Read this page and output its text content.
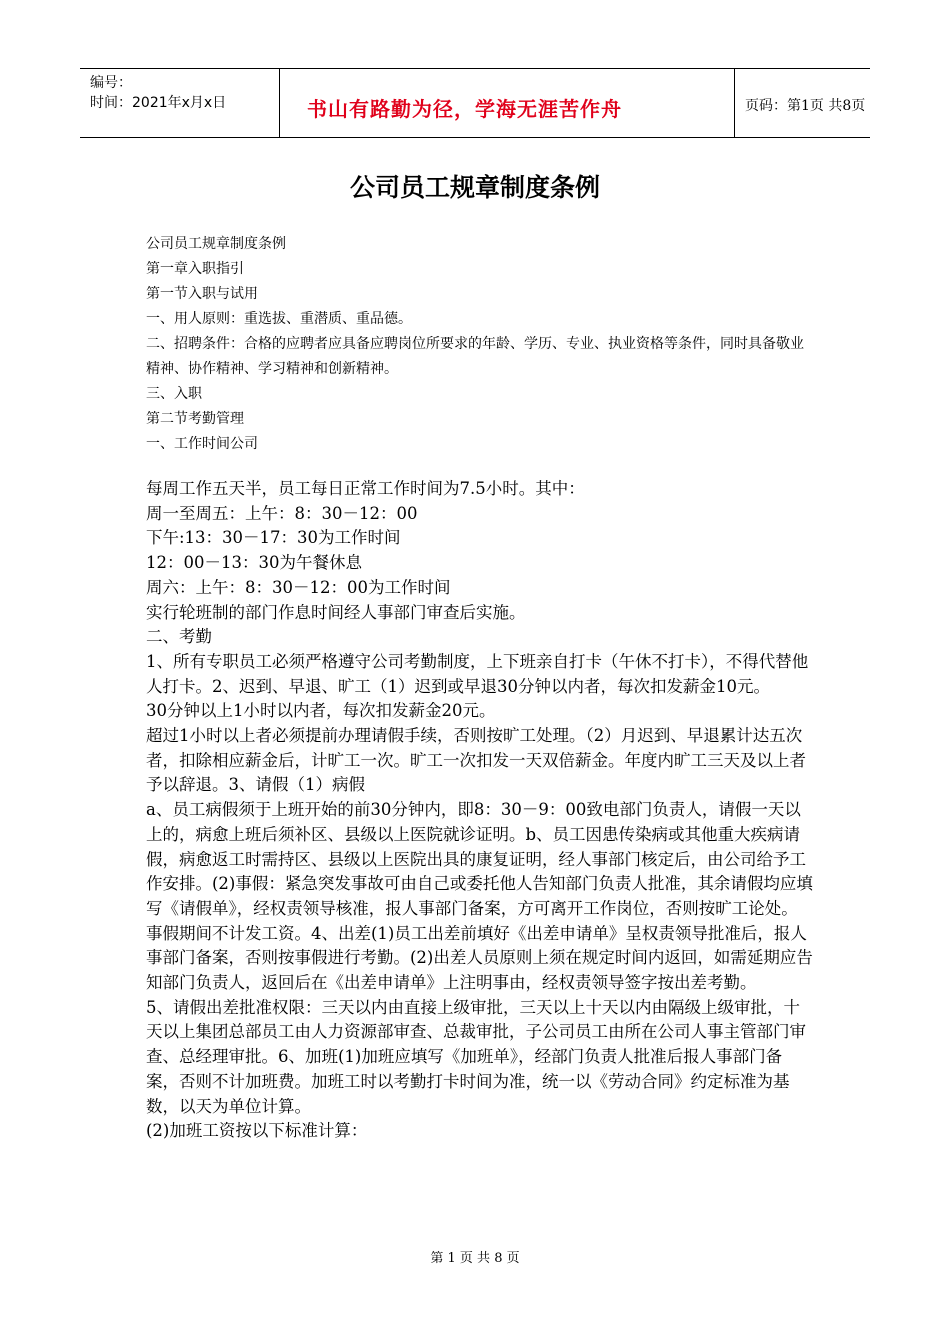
编号：
时间：2021年x月x日	书山有路勤为径，学海无涯苦作舟	页码：第1页 共8页
公司员工规章制度条例

公司员工规章制度条例

第一章入职指引

第一节入职与试用

一、用人原则：重选拔、重潜质、重品德。

二、招聘条件：合格的应聘者应具备应聘岗位所要求的年龄、学历、专业、执业资格等条件，同时具备敬业精神、协作精神、学习精神和创新精神。

三、入职

第二节考勤管理

一、工作时间公司

每周工作五天半，员工每日正常工作时间为7.5小时。其中：

周一至周五：上午：8：30－12：00

下午:13：30－17：30为工作时间

12：00－13：30为午餐休息

周六：上午：8：30－12：00为工作时间

实行轮班制的部门作息时间经人事部门审查后实施。

二、考勤

1、所有专职员工必须严格遵守公司考勤制度，上下班亲自打卡（午休不打卡），不得代替他人打卡。2、迟到、早退、旷工（1）迟到或早退30分钟以内者，每次扣发薪金10元。

30分钟以上1小时以内者，每次扣发薪金20元。

超过1小时以上者必须提前办理请假手续，否则按旷工处理。（2）月迟到、早退累计达五次者，扣除相应薪金后，计旷工一次。旷工一次扣发一天双倍薪金。年度内旷工三天及以上者予以辞退。3、请假（1）病假

a、员工病假须于上班开始的前30分钟内，即8：30－9：00致电部门负责人，请假一天以上的，病愈上班后须补区、县级以上医院就诊证明。b、员工因患传染病或其他重大疾病请假，病愈返工时需持区、县级以上医院出具的康复证明，经人事部门核定后，由公司给予工作安排。(2)事假：紧急突发事故可由自己或委托他人告知部门负责人批准，其余请假均应填写《请假单》，经权责领导核准，报人事部门备案，方可离开工作岗位，否则按旷工论处。事假期间不计发工资。4、出差(1)员工出差前填好《出差申请单》呈权责领导批准后，报人事部门备案，否则按事假进行考勤。(2)出差人员原则上须在规定时间内返回，如需延期应告知部门负责人，返回后在《出差申请单》上注明事由，经权责领导签字按出差考勤。

5、请假出差批准权限：三天以内由直接上级审批，三天以上十天以内由隔级上级审批，十天以上集团总部员工由人力资源部审查、总裁审批，子公司员工由所在公司人事主管部门审查、总经理审批。6、加班(1)加班应填写《加班单》，经部门负责人批准后报人事部门备案，否则不计加班费。加班工时以考勤打卡时间为准，统一以《劳动合同》约定标准为基数，以天为单位计算。

(2)加班工资按以下标准计算：

第 1 页 共 8 页
